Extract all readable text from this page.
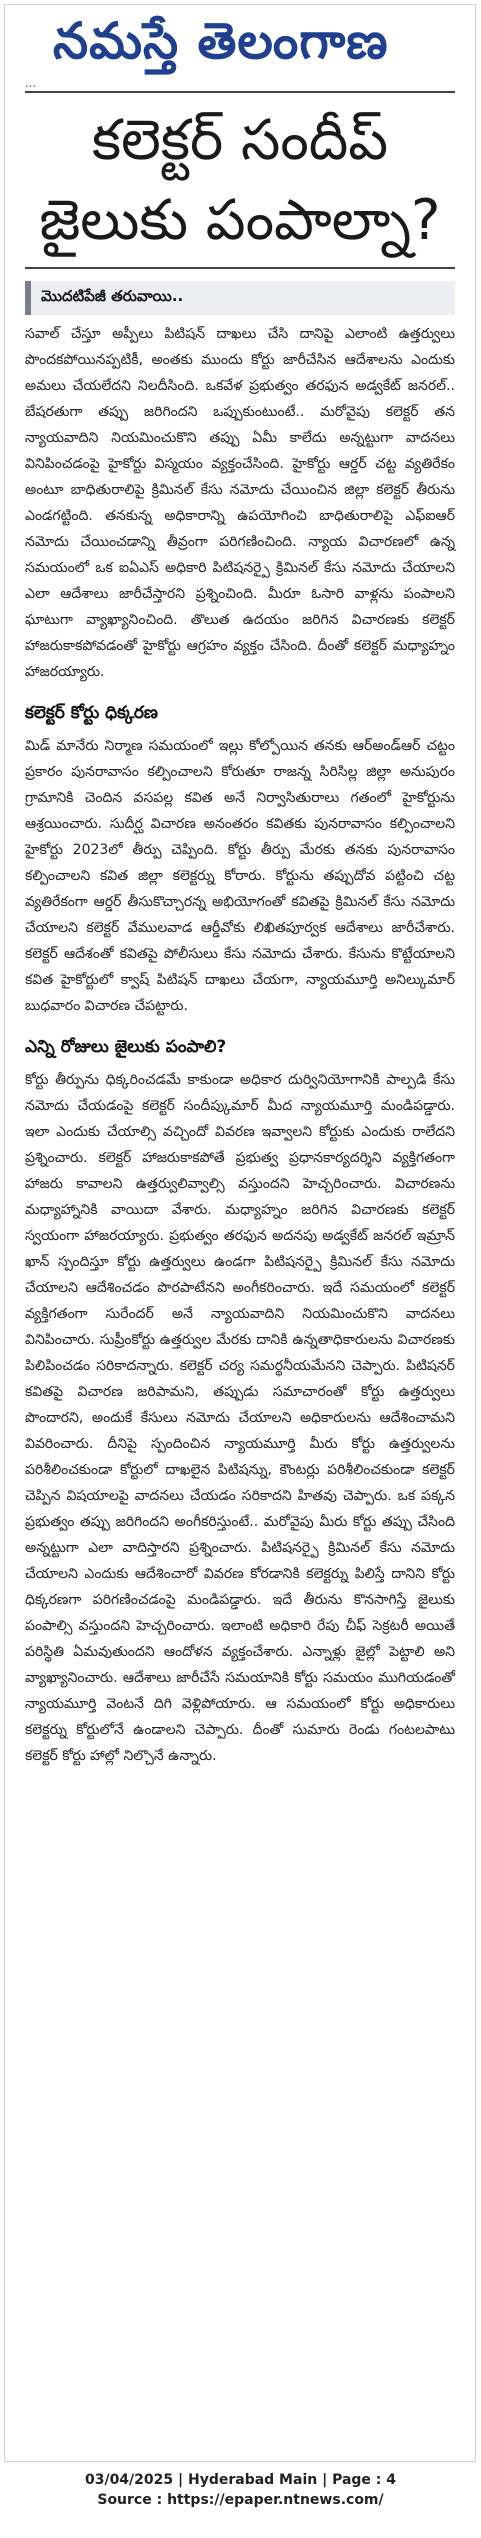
నమస్తే తెలంగాణ
…
కలెక్టర్ సందీప్ జైలుకు పంపాల్నా?
మొదటిపేజీ తరువాయి..
సవాల్ చేస్తూ అప్పీలు పిటిషన్ దాఖలు చేసి దానిపై ఎలాంటి ఉత్తర్వులు పొందకపోయినప్పటికీ, అంతకు ముందు కోర్టు జారీచేసిన ఆదేశాలను ఎందుకు అమలు చేయలేదని నిలదీసింది. ఒకవేళ ప్రభుత్వం తరఫున అడ్వకేట్ జనరల్.. బేషరతుగా తప్పు జరిగిందని ఒప్పుకుంటుంటే.. మరోవైపు కలెక్టర్ తన న్యాయవాదిని నియమించుకొని తప్పు ఏమీ కాలేదు అన్నట్టుగా వాదనలు వినిపించడంపై హైకోర్టు విస్మయం వ్యక్తంచేసింది. హైకోర్టు ఆర్డర్ చట్ట వ్యతిరేకం అంటూ బాధితురాలిపై క్రిమినల్ కేసు నమోదు చేయించిన జిల్లా కలెక్టర్ తీరును ఎండగట్టింది. తనకున్న అధికారాన్ని ఉపయోగించి బాధితురాలిపై ఎఫ్ఐఆర్ నమోదు చేయించడాన్ని తీవ్రంగా పరిగణించింది. న్యాయ విచారణలో ఉన్న సమయంలో ఒక ఐఏఎస్ అధికారి పిటిషనర్పై క్రిమినల్ కేసు నమోదు చేయాలని ఎలా ఆదేశాలు జారీచేస్తారని ప్రశ్నించింది. మీరూ ఓసారి వాళ్లను పంపాలని ఘాటుగా వ్యాఖ్యానించింది. తొలుత ఉదయం జరిగిన విచారణకు కలెక్టర్ హాజరుకాకపోవడంతో హైకోర్టు ఆగ్రహం వ్యక్తం చేసింది. దీంతో కలెక్టర్ మధ్యాహ్నం హాజరయ్యారు.
కలెక్టర్ కోర్టు ధిక్కరణ
మిడ్ మానేరు నిర్మాణ సమయంలో ఇల్లు కోల్పోయిన తనకు ఆర్అండ్ఆర్ చట్టం ప్రకారం పునరావాసం కల్పించాలని కోరుతూ రాజన్న సిరిసిల్ల జిల్లా అనుపురం గ్రామానికి చెందిన వసపల్ల కవిత అనే నిర్వాసితురాలు గతంలో హైకోర్టును ఆశ్రయించారు. సుదీర్ఘ విచారణ అనంతరం కవితకు పునరావాసం కల్పించాలని హైకోర్టు 2023లో తీర్పు చెప్పింది. కోర్టు తీర్పు మేరకు తనకు పునరావాసం కల్పించాలని కవిత జిల్లా కలెక్టర్ను కోరారు. కోర్టును తప్పుదోవ పట్టించి చట్ట వ్యతిరేకంగా ఆర్డర్ తీసుకొచ్చారన్న అభియోగంతో కవితపై క్రిమినల్ కేసు నమోదు చేయాలని కలెక్టర్ వేములవాడ ఆర్డీవోకు లిఖితపూర్వక ఆదేశాలు జారీచేశారు. కలెక్టర్ ఆదేశంతో కవితపై పోలీసులు కేసు నమోదు చేశారు. కేసును కొట్టేయాలని కవిత హైకోర్టులో క్వాష్ పిటిషన్ దాఖలు చేయగా, న్యాయమూర్తి అనిల్కుమార్ బుధవారం విచారణ చేపట్టారు.
ఎన్ని రోజులు జైలుకు పంపాలి?
కోర్టు తీర్పును ధిక్కరించడమే కాకుండా అధికార దుర్వినియోగానికి పాల్పడి కేసు నమోదు చేయడంపై కలెక్టర్ సందీప్కుమార్ మీద న్యాయమూర్తి మండిపడ్డారు. ఇలా ఎందుకు చేయాల్సి వచ్చిందో వివరణ ఇవ్వాలని కోర్టుకు ఎందుకు రాలేదని ప్రశ్నించారు. కలెక్టర్ హాజరుకాకపోతే ప్రభుత్వ ప్రధానకార్యదర్శిని వ్యక్తిగతంగా హాజరు కావాలని ఉత్తర్వులివ్వాల్సి వస్తుందని హెచ్చరించారు. విచారణను మధ్యాహ్నానికి వాయిదా వేశారు. మధ్యాహ్నం జరిగిన విచారణకు కలెక్టర్ స్వయంగా హాజరయ్యారు. ప్రభుత్వం తరఫున అదనపు అడ్వకేట్ జనరల్ ఇమ్రాన్ ఖాన్ స్పందిస్తూ కోర్టు ఉత్తర్వులు ఉండగా పిటిషనర్పై క్రిమినల్ కేసు నమోదు చేయాలని ఆదేశించడం పొరపాటేనని అంగీకరించారు. ఇదే సమయంలో కలెక్టర్ వ్యక్తిగతంగా సురేందర్ అనే న్యాయవాదిని నియమించుకొని వాదనలు వినిపించారు. సుప్రీంకోర్టు ఉత్తర్వుల మేరకు దానికి ఉన్నతాధికారులను విచారణకు పిలిపించడం సరికాదన్నారు. కలెక్టర్ చర్య సమర్థనీయమేనని చెప్పారు. పిటిషనర్ కవితపై విచారణ జరిపామని, తప్పుడు సమాచారంతో కోర్టు ఉత్తర్వులు పొందారని, అందుకే కేసులు నమోదు చేయాలని అధికారులను ఆదేశించామని వివరించారు. దీనిపై స్పందించిన న్యాయమూర్తి మీరు కోర్టు ఉత్తర్వులను పరిశీలించకుండా కోర్టులో దాఖలైన పిటిషన్ను, కౌంటర్లు పరిశీలించకుండా కలెక్టర్ చెప్పిన విషయాలపై వాదనలు చేయడం సరికాదని హితవు చెప్పారు. ఒక పక్కన ప్రభుత్వం తప్పు జరిగిందని అంగీకరిస్తుంటే.. మరోవైపు మీరు కోర్టు తప్పు చేసింది అన్నట్టుగా ఎలా వాదిస్తారని ప్రశ్నించారు. పిటిషనర్పై క్రిమినల్ కేసు నమోదు చేయాలని ఎందుకు ఆదేశించారో వివరణ కోరడానికి కలెక్టర్ను పిలిస్తే దానిని కోర్టు ధిక్కరణగా పరిగణించడంపై మండిపడ్డారు. ఇదే తీరును కొనసాగిస్తే జైలుకు పంపాల్సి వస్తుందని హెచ్చరించారు. ఇలాంటి అధికారి రేపు చీఫ్ సెక్రటరీ అయితే పరిస్థితి ఏమవుతుందని ఆందోళన వ్యక్తంచేశారు. ఎన్నాళ్లు జైల్లో పెట్టాలి అని వ్యాఖ్యానించారు. ఆదేశాలు జారీచేసే సమయానికి కోర్టు సమయం ముగియడంతో న్యాయమూర్తి వెంటనే దిగి వెళ్లిపోయారు. ఆ సమయంలో కోర్టు అధికారులు కలెక్టర్ను కోర్టులోనే ఉండాలని చెప్పారు. దీంతో సుమారు రెండు గంటలపాటు కలెక్టర్ కోర్టు హాల్లో నిల్చొనే ఉన్నారు.
03/04/2025 | Hyderabad Main | Page : 4
Source : https://epaper.ntnews.com/
